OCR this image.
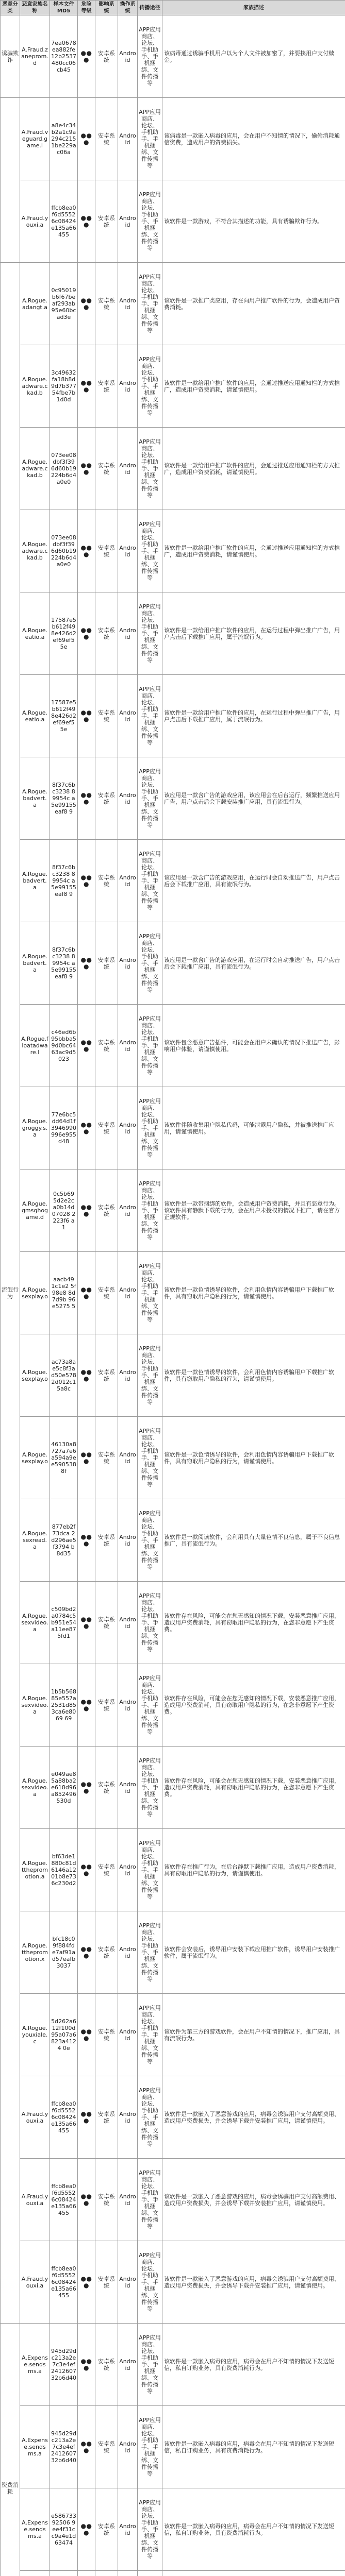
恶意分类	恶意家族名称	样本文件MD5	危险等级	影响系统	操作系统	传播途径	家族描述
诱骗欺诈	A.Fraud.zaneprom.d	7ea0678ea882fe12b2537480cc06cb45	●●●	安卓系统	Android	APP应用商店、论坛、手机助手、手机捆绑、文件传播等	该病毒通过诱骗手机用户以为个人文件被加密了，并要挟用户支付赎金。
	A.Fraud.veguard.game.l	a8e4c34b2a1c9a294c2151be229ac06a	●●●	安卓系统	Android	APP应用商店、论坛、手机助手、手机捆绑、文件传播等	该病毒是一款嵌入病毒的应用，会在用户不知情的情况下，偷偷消耗通信资费，造成用户的资费损失。
	A.Fraud.youxi.a	ffcb8ea0f6d55526c08424e135a66455	●●●	安卓系统	Android	APP应用商店、论坛、手机助手、手机捆绑、文件传播等	该软件是一款游戏，不符合其描述的功能，具有诱骗欺诈行为。
流氓行为	A.Rogue.adangt.a	0c95019b6f67beaf293ab95e60bcad3e	●●●	安卓系统	Android	APP应用商店、论坛、手机助手、手机捆绑、文件传播等	该软件是一款推广类应用，存在向用户推广软件的行为，会造成用户资费消耗。
	A.Rogue.adware.ckad.b	3c49632fa18b8d9d7b37754fbe7b1d0d	●●●	安卓系统	Android	APP应用商店、论坛、手机助手、手机捆绑、文件传播等	该软件是一款给用户推广软件的应用，会通过推送应用通知栏的方式推广，造成用户资费消耗，请谨慎使用。
	A.Rogue.adware.ckad.b	073ee08dbf3f396d60b19224b6d4a0e0	●●●	安卓系统	Android	APP应用商店、论坛、手机助手、手机捆绑、文件传播等	该软件是一款给用户推广软件的应用，会通过推送应用通知栏的方式推广，造成用户资费消耗，请谨慎使用。
	A.Rogue.adware.ckad.b	073ee08dbf3f396d60b19224b6d4a0e0	●●●	安卓系统	Android	APP应用商店、论坛、手机助手、手机捆绑、文件传播等	该软件是一款给用户推广软件的应用，会通过推送应用通知栏的方式推广，造成用户资费消耗，请谨慎使用。
	A.Rogue.eatio.a	17587e5b612f498e426d2ef69ef55e	●●●	安卓系统	Android	APP应用商店、论坛、手机助手、手机捆绑、文件传播等	该软件是一款给用户推广软件的应用，在运行过程中弹出推广广告，用户点击后下载推广应用，属于流氓行为。
	A.Rogue.eatio.a	17587e5b612f498e426d2ef69ef55e	●●●	安卓系统	Android	APP应用商店、论坛、手机助手、手机捆绑、文件传播等	该软件是一款给用户推广软件的应用，在运行过程中弹出推广广告，用户点击后下载推广应用，属于流氓行为。
	A.Rogue.badvert.a	8f37c6bc3238 89954c a5e99155eaf8 9	●●●	安卓系统	Android	APP应用商店、论坛、手机助手、手机捆绑、文件传播等	该应用是一款含广告的游戏应用，该应用会在后台运行，频繁推送应用广告，用户点击后会下载安装推广应用，具有流氓行为。
	A.Rogue.badvert.a	8f37c6bc3238 89954c a5e99155eaf8 9	●●●	安卓系统	Android	APP应用商店、论坛、手机助手、手机捆绑、文件传播等	该应用是一款含广告的游戏应用，在运行时会自动推送广告，用户点击后会下载推广应用，具有流氓行为。
	A.Rogue.badvert.a	8f37c6bc3238 89954c a5e99155eaf8 9	●●●	安卓系统	Android	APP应用商店、论坛、手机助手、手机捆绑、文件传播等	该应用是一款含广告的游戏应用，在运行时会自动推送广告，用户点击后会下载推广应用，具有流氓行为。
	A.Rogue.floatadware.l	c46ed6b95bbba59d0bc6463ac9d5023	●●●	安卓系统	Android	APP应用商店、论坛、手机助手、手机捆绑、文件传播等	该软件包含恶意广告插件，可能会在用户未确认的情况下推送广告，影响用户体验，请谨慎使用。
	A.Rogue.groggy.s.a	77e6bc5dd64d1f3946990996e955d48	●●●	安卓系统	Android	APP应用商店、论坛、手机助手、手机捆绑、文件传播等	该软件伴随收集用户隐私代码，可能泄露用户隐私，并被推送推广应用，请谨慎使用。
	A.Rogue.gmsghogame.d	0c5b69 5d2e2c a0b14d 07028 2223f6 a1	●●●	安卓系统	Android	APP应用商店、论坛、手机助手、手机捆绑、文件传播等	该软件是一款带捆绑的软件，会造成用户资费消耗，并且有恶意行为。该软件具有静默下载的行为，会在用户未授权的情况下推广，请在官方正规软件。
	A.Rogue.sexplay.o	aacb49 1c1e2 5f98e8 8d7d9b 96e5275 5	●●●	安卓系统	Android	APP应用商店、论坛、手机助手、手机捆绑、文件传播等	该软件是一款色情诱导的软件，会利用色情内容诱骗用户下载推广软件，具有窃取用户隐私的行为，请谨慎使用。
	A.Rogue.sexplay.o	ac73a8ae5c8f3ad50e5782d012c15a8c	●●●	安卓系统	Android	APP应用商店、论坛、手机助手、手机捆绑、文件传播等	该软件是一款色情诱导的软件，会利用色情内容诱骗用户下载推广软件，具有窃取用户隐私的行为，请谨慎使用。
	A.Rogue.sexplay.o	46130a8727a7e6a594a9ee5905388f	●●●	安卓系统	Android	APP应用商店、论坛、手机助手、手机捆绑、文件传播等	该软件是一款色情诱导的软件，会利用色情内容诱骗用户下载推广软件，具有窃取用户隐私的行为，请谨慎使用。
	A.Rogue.sexread.a	877eb2f73dca 2d296ae5 f3794 b8d35	●●●	安卓系统	Android	APP应用商店、论坛、手机助手、手机捆绑、文件传播等	该软件是一款阅读软件，会利用具有大量色情不良信息，属于不良信息推广，具有流氓行为。
	A.Rogue.sexvideo.a	c509bd2a0784c5b951e54a11ee875fd1	●●●	安卓系统	Android	APP应用商店、论坛、手机助手、手机捆绑、文件传播等	该软件存在风险，可能会在您无感知的情况下载，安装恶意推广应用，造成用户资费消耗，具有窃取用户隐私的行为，在您非意愿下产生资费。
	A.Rogue.sexvideo.a	1b5b56885e557a2531d853ca6e8069 69	●●●	安卓系统	Android	APP应用商店、论坛、手机助手、手机捆绑、文件传播等	该软件存在风险，可能会在您无感知的情况下载，安装恶意推广应用，造成用户资费消耗，具有窃取用户隐私的行为，在您非意愿下产生资费。
	A.Rogue.sexvideo.a	e049ae85a88ba2e618d96a852496530d	●●●	安卓系统	Android	APP应用商店、论坛、手机助手、手机捆绑、文件传播等	该软件存在风险，可能会在您无感知的情况下载，安装恶意推广应用，造成用户资费消耗，具有窃取用户隐私的行为，在您非意愿下产生资费。
	A.Rogue.tthepromotion.a	bf63de1880c81d6146a1201b8e736c230d2	●●●	安卓系统	Android	APP应用商店、论坛、手机助手、手机捆绑、文件传播等	该软件存在推广行为，在后台静默下载推广应用，造成用户资费消耗，具有窃取用户隐私的行为，请谨慎使用。
	A.Rogue.tthepromotion.x	bfc18c09f884fde7af91ad57eafb3037	●●●	安卓系统	Android	APP应用商店、论坛、手机助手、手机捆绑、文件传播等	该软件会安装后，诱导用户安装下载应用推广软件，诱导用户安装推广软件，属于流氓行为。
	A.Rogue.youxiale.c	5d262a612f100d95a07a6823a4124 0e	●●●	安卓系统	Android	APP应用商店、论坛、手机助手、手机捆绑、文件传播等	该软件为第三方的游戏软件，会在用户不知情的情况下，推广应用，具有流氓行为。
	A.Fraud.youxi.a	ffcb8ea0f6d55526c08424e135a66455	●●●	安卓系统	Android	APP应用商店、论坛、手机助手、手机捆绑、文件传播等	该软件是一款嵌入了恶意游戏的应用，病毒会诱骗用户支付高额费用、造成用户资费损失，并会诱导下载并安装推广应用，请谨慎使用。
	A.Fraud.youxi.a	ffcb8ea0f6d55526c08424e135a66455	●●●	安卓系统	Android	APP应用商店、论坛、手机助手、手机捆绑、文件传播等	该软件是一款嵌入了恶意游戏的应用，病毒会诱骗用户支付高额费用、造成用户资费损失，并会诱导下载并安装推广应用，请谨慎使用。
	A.Fraud.youxi.a	ffcb8ea0f6d55526c08424e135a66455	●●●	安卓系统	Android	APP应用商店、论坛、手机助手、手机捆绑、文件传播等	该软件是一款嵌入了恶意游戏的应用，病毒会诱骗用户支付高额费用、造成用户资费损失，并会诱导下载并安装推广应用，请谨慎使用。
资费消耗	A.Expense.sendsms.a	945d29dc213a2e7c3e4ef241260732b6d40	●●●	安卓系统	Android	APP应用商店、论坛、手机助手、手机捆绑、文件传播等	该软件是一款嵌入病毒的应用，病毒会在用户不知情的情况下发送短信，私自订购业务，具有资费消耗行为。
	A.Expense.sendsms.a	945d29dc213a2e7c3e4ef241260732b6d40	●●●	安卓系统	Android	APP应用商店、论坛、手机助手、手机捆绑、文件传播等	该软件是一款嵌入病毒的应用，病毒会在用户不知情的情况下发送短信，私自订购业务，具有资费消耗行为。
	A.Expense.sendsms.a	e58673392506 9ee4f31cc9a4e1d63474	●●●	安卓系统	Android	APP应用商店、论坛、手机助手、手机捆绑、文件传播等	该软件是一款嵌入病毒的应用，病毒会在用户不知情的情况下发送短信，私自订购业务，具有资费消耗行为。
